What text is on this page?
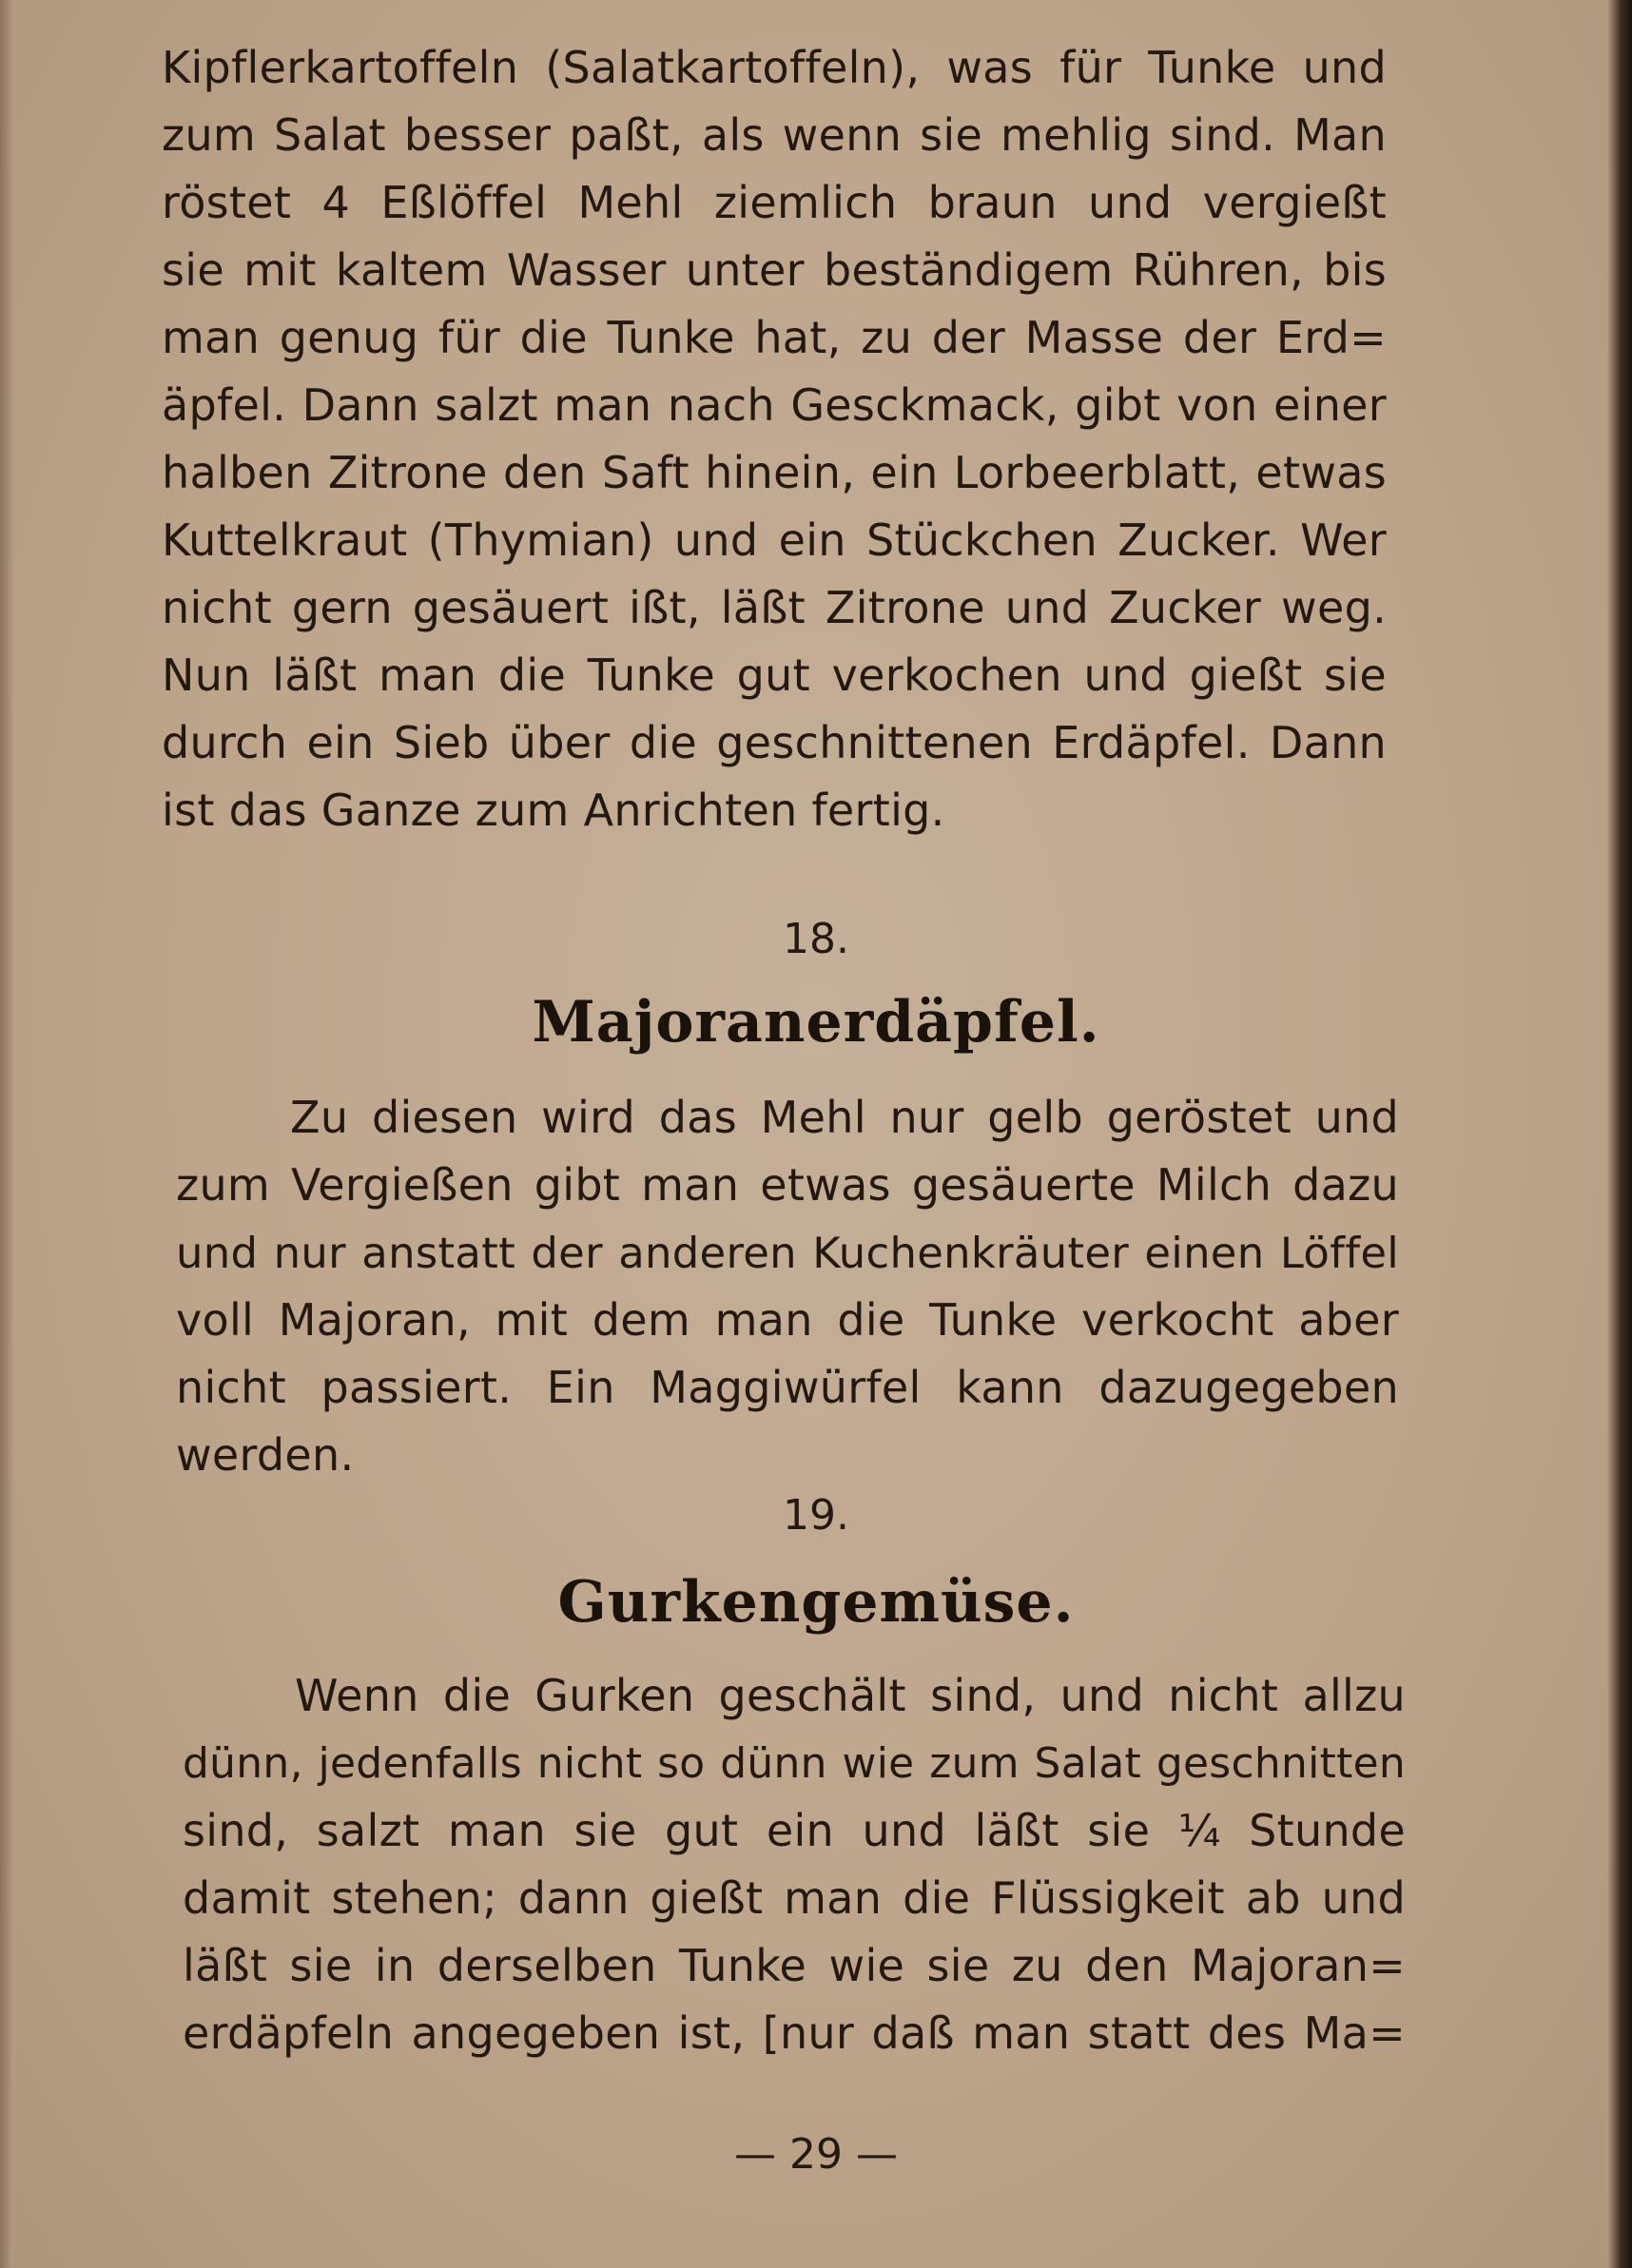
Kipflerkartoffeln (Salatkartoffeln), was für Tunke und
zum Salat besser paßt, als wenn sie mehlig sind. Man
röstet 4 Eßlöffel Mehl ziemlich braun und vergießt
sie mit kaltem Wasser unter beständigem Rühren, bis
man genug für die Tunke hat, zu der Masse der Erd=
äpfel. Dann salzt man nach Gesckmack, gibt von einer
halben Zitrone den Saft hinein, ein Lorbeerblatt, etwas
Kuttelkraut (Thymian) und ein Stückchen Zucker. Wer
nicht gern gesäuert ißt, läßt Zitrone und Zucker weg.
Nun läßt man die Tunke gut verkochen und gießt sie
durch ein Sieb über die geschnittenen Erdäpfel. Dann
ist das Ganze zum Anrichten fertig.
18.
Majoranerdäpfel.
Zu diesen wird das Mehl nur gelb geröstet und
zum Vergießen gibt man etwas gesäuerte Milch dazu
und nur anstatt der anderen Kuchenkräuter einen Löffel
voll Majoran, mit dem man die Tunke verkocht aber
nicht passiert. Ein Maggiwürfel kann dazugegeben
werden.
19.
Gurkengemüse.
Wenn die Gurken geschält sind, und nicht allzu
dünn, jedenfalls nicht so dünn wie zum Salat geschnitten
sind, salzt man sie gut ein und läßt sie ¼ Stunde
damit stehen; dann gießt man die Flüssigkeit ab und
läßt sie in derselben Tunke wie sie zu den Majoran=
erdäpfeln angegeben ist, [nur daß man statt des Ma=
— 29 —
